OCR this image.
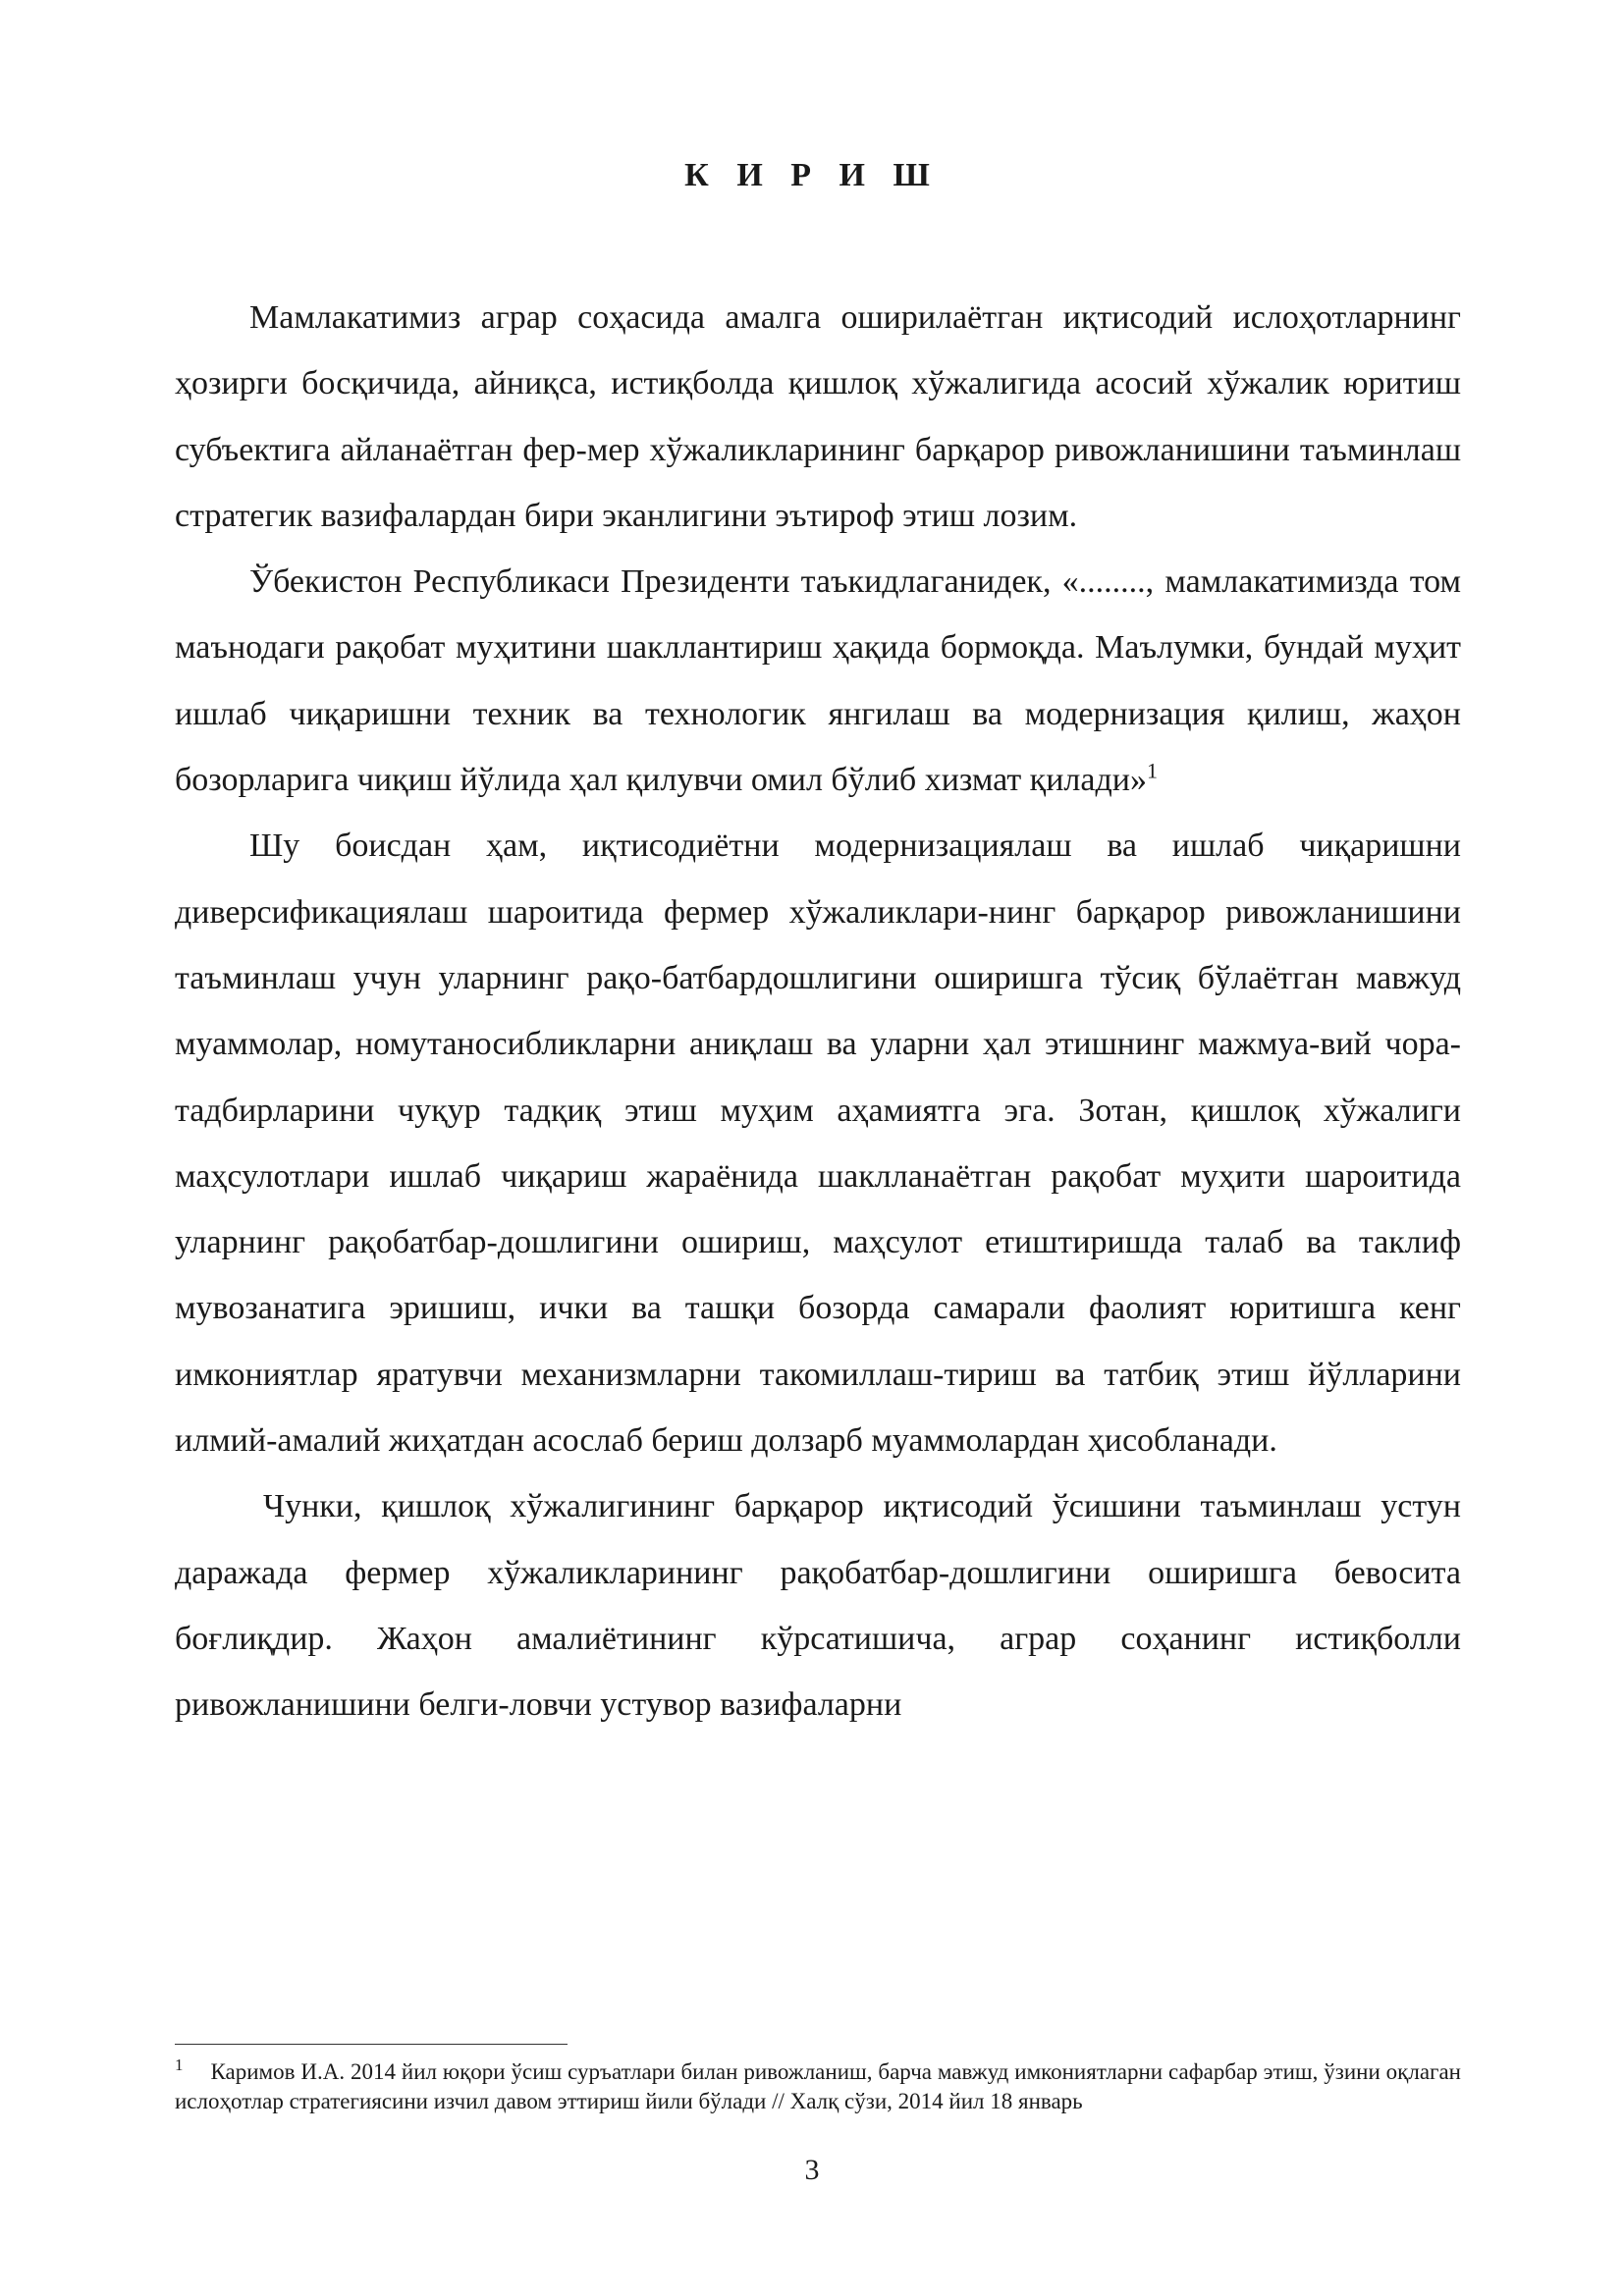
К И Р И Ш

Мамлакатимиз аграр соҳасида амалга оширилаётган иқтисодий ислоҳотларнинг ҳозирги босқичида, айниқса, истиқболда қишлоқ хўжалигида асосий хўжалик юритиш субъектига айланаётган фер-мер хўжаликларининг барқарор ривожланишини таъминлаш стратегик вазифалардан бири эканлигини эътироф этиш лозим.

Ўбекистон Республикаси Президенти таъкидлаганидек, «........, мамлакатимизда том маънодаги рақобат муҳитини шакллантириш ҳақида бормоқда. Маълумки, бундай муҳит ишлаб чиқаришни техник ва технологик янгилаш ва модернизация қилиш, жаҳон бозорларига чиқиш йўлида ҳал қилувчи омил бўлиб хизмат қилади»$^1$

Шу боисдан ҳам, иқтисодиётни модернизациялаш ва ишлаб чиқаришни диверсификациялаш шароитида фермер хўжаликлари-нинг барқарор ривожланишини таъминлаш учун уларнинг рақо-батбардошлигини оширишга тўсиқ бўлаётган мавжуд муаммолар, номутаносибликларни аниқлаш ва уларни ҳал этишнинг мажмуа-вий чора-тадбирларини чуқур тадқиқ этиш муҳим аҳамиятга эга. Зотан, қишлоқ хўжалиги маҳсулотлари ишлаб чиқариш жараёнида шаклланаётган рақобат муҳити шароитида уларнинг рақобатбар-дошлигини ошириш, маҳсулот етиштиришда талаб ва таклиф мувозанатига эришиш, ички ва ташқи бозорда самарали фаолият юритишга кенг имкониятлар яратувчи механизмларни такомиллаш-тириш ва татбиқ этиш йўлларини илмий-амалий жиҳатдан асослаб бериш долзарб муаммолардан ҳисобланади.

Чунки, қишлоқ хўжалигининг барқарор иқтисодий ўсишини таъминлаш устун даражада фермер хўжаликларининг рақобатбар-дошлигини оширишга бевосита боғлиқдир. Жаҳон амалиётининг кўрсатишича, аграр соҳанинг истиқболли ривожланишини белги-ловчи устувор вазифаларни

$^1$ Каримов И.А. 2014 йил юқори ўсиш суръатлари билан ривожланиш, барча мавжуд имкониятларни сафарбар этиш, ўзини оқлаган ислоҳотлар стратегиясини изчил давом эттириш йили бўлади // Халқ сўзи, 2014 йил 18 январь
3
